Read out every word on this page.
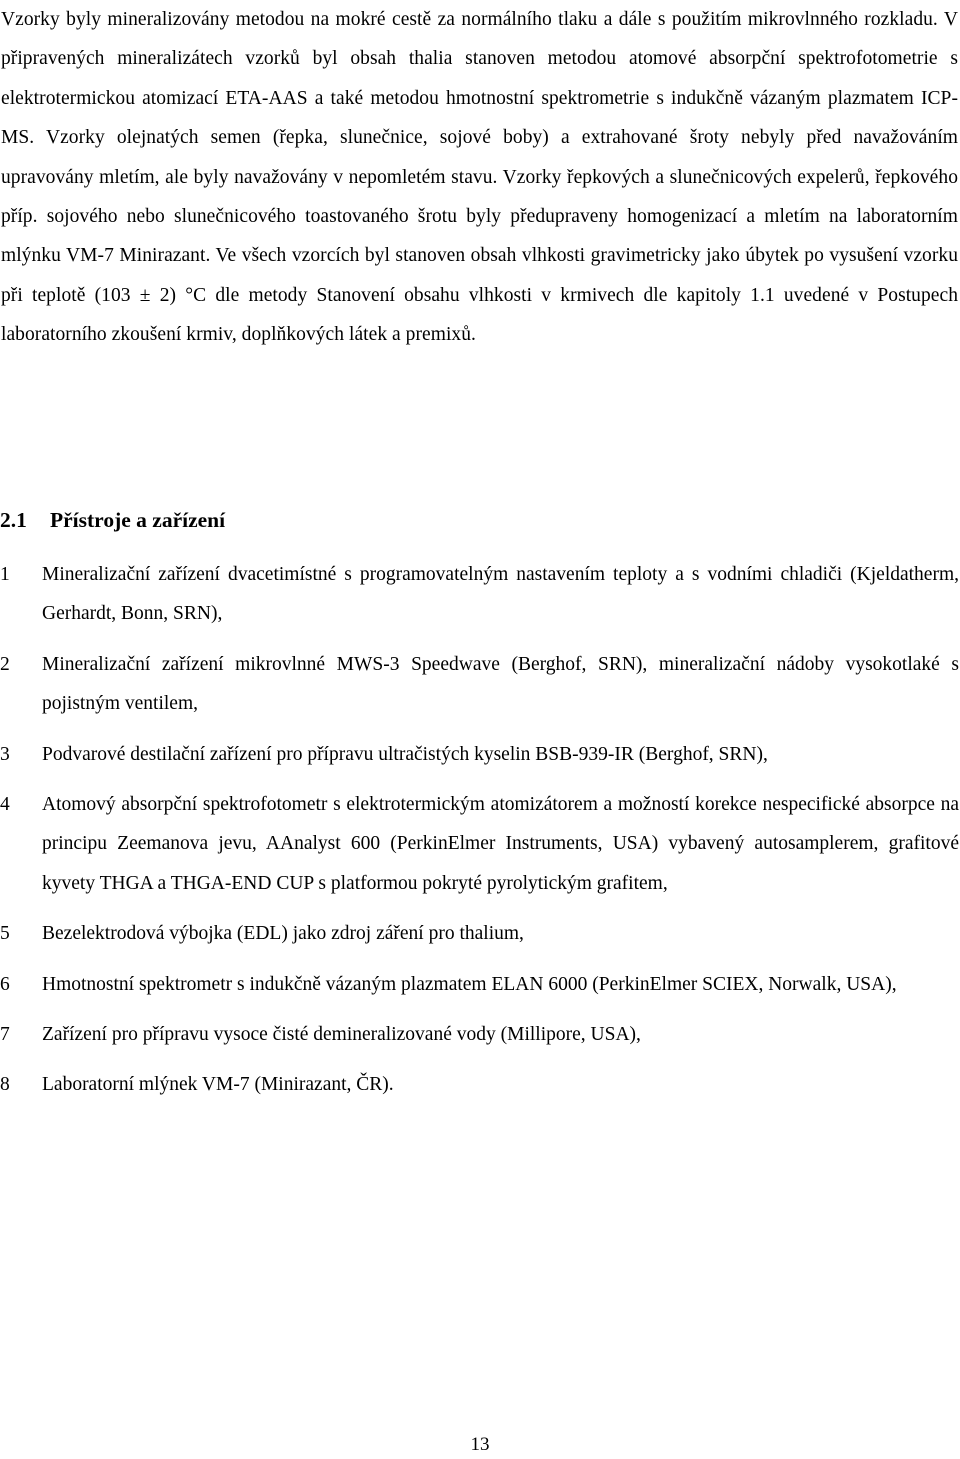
Vzorky byly mineralizovány metodou na mokré cestě za normálního tlaku a dále s použitím mikrovlnného rozkladu. V připravených mineralizátech vzorků byl obsah thalia stanoven metodou atomové absorpční spektrofotometrie s elektrotermickou atomizací ETA-AAS a také metodou hmotnostní spektrometrie s indukčně vázaným plazmatem ICP-MS. Vzorky olejnatých semen (řepka, slunečnice, sojové boby) a extrahované šroty nebyly před navažováním upravovány mletím, ale byly navažovány v nepomletém stavu. Vzorky řepkových a slunečnicových expelerů, řepkového příp. sojového nebo slunečnicového toastovaného šrotu byly předupraveny homogenizací a mletím na laboratorním mlýnku VM-7 Minirazant. Ve všech vzorcích byl stanoven obsah vlhkosti gravimetricky jako úbytek po vysušení vzorku při teplotě (103 ± 2) °C dle metody Stanovení obsahu vlhkosti v krmivech dle kapitoly 1.1 uvedené v Postupech laboratorního zkoušení krmiv, doplňkových látek a premixů.

2.1 Přístroje a zařízení
1 Mineralizační zařízení dvacetimístné s programovatelným nastavením teploty a s vodními chladiči (Kjeldatherm, Gerhardt, Bonn, SRN),
2 Mineralizační zařízení mikrovlnné MWS-3 Speedwave (Berghof, SRN), mineralizační nádoby vysokotlaké s pojistným ventilem,
3 Podvarové destilační zařízení pro přípravu ultračistých kyselin BSB-939-IR (Berghof, SRN),
4 Atomový absorpční spektrofotometr s elektrotermickým atomizátorem a možností korekce nespecifické absorpce na principu Zeemanova jevu, AAnalyst 600 (PerkinElmer Instruments, USA) vybavený autosamplerem, grafitové kyvety THGA a THGA-END CUP s platformou pokryté pyrolytickým grafitem,
5 Bezelektrodová výbojka (EDL) jako zdroj záření pro thalium,
6 Hmotnostní spektrometr s indukčně vázaným plazmatem ELAN 6000 (PerkinElmer SCIEX, Norwalk, USA),
7 Zařízení pro přípravu vysoce čisté demineralizované vody (Millipore, USA),
8 Laboratorní mlýnek VM-7 (Minirazant, ČR).

13
